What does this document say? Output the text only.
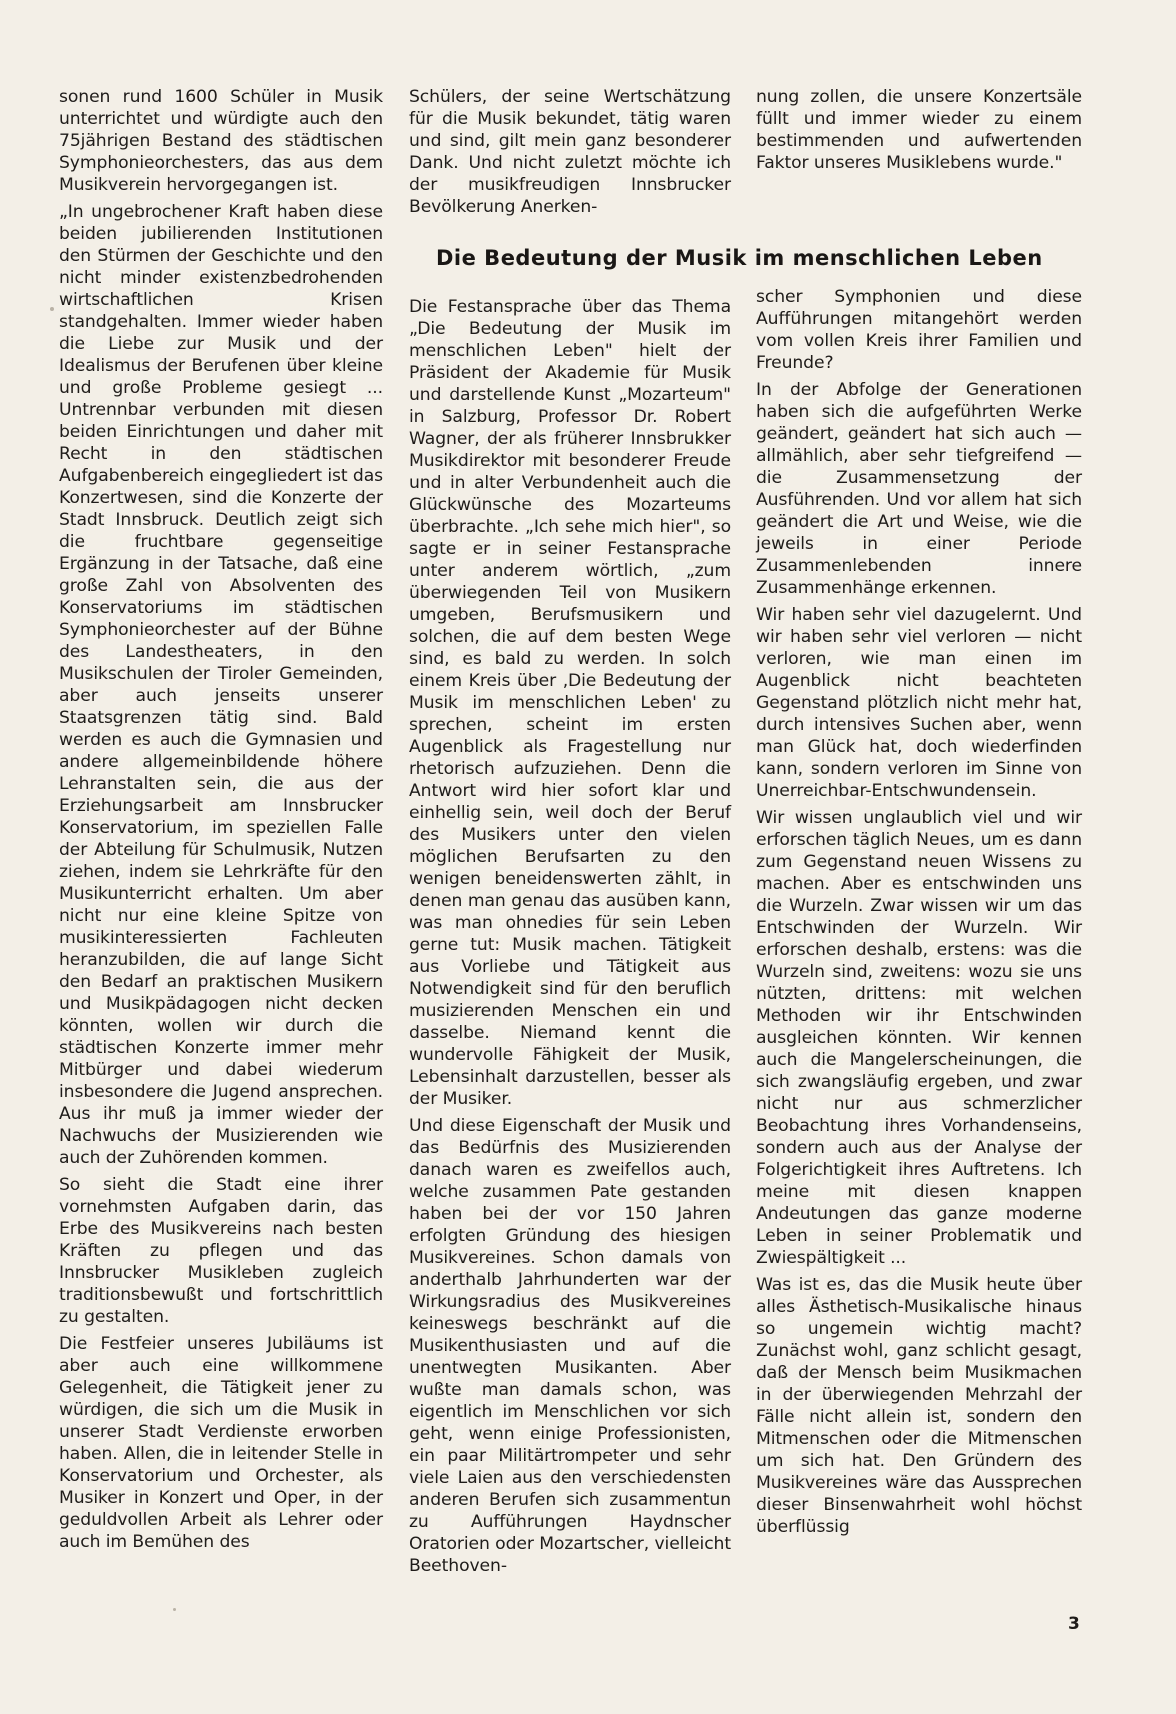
sonen rund 1600 Schüler in Musik unterrichtet und würdigte auch den 75jährigen Bestand des städtischen Symphonieorchesters, das aus dem Musikverein hervorgegangen ist.

„In ungebrochener Kraft haben diese beiden jubilierenden Institutionen den Stürmen der Geschichte und den nicht minder existenzbedrohenden wirtschaftlichen Krisen standgehalten. Immer wieder haben die Liebe zur Musik und der Idealismus der Berufenen über kleine und große Probleme gesiegt ... Untrennbar verbunden mit diesen beiden Einrichtungen und daher mit Recht in den städtischen Aufgabenbereich eingegliedert ist das Konzertwesen, sind die Konzerte der Stadt Innsbruck. Deutlich zeigt sich die fruchtbare gegenseitige Ergänzung in der Tatsache, daß eine große Zahl von Absolventen des Konservatoriums im städtischen Symphonieorchester auf der Bühne des Landestheaters, in den Musikschulen der Tiroler Gemeinden, aber auch jenseits unserer Staatsgrenzen tätig sind. Bald werden es auch die Gymnasien und andere allgemeinbildende höhere Lehranstalten sein, die aus der Erziehungsarbeit am Innsbrucker Konservatorium, im speziellen Falle der Abteilung für Schulmusik, Nutzen ziehen, indem sie Lehrkräfte für den Musikunterricht erhalten. Um aber nicht nur eine kleine Spitze von musikinteressierten Fachleuten heranzubilden, die auf lange Sicht den Bedarf an praktischen Musikern und Musikpädagogen nicht decken könnten, wollen wir durch die städtischen Konzerte immer mehr Mitbürger und dabei wiederum insbesondere die Jugend ansprechen. Aus ihr muß ja immer wieder der Nachwuchs der Musizierenden wie auch der Zuhörenden kommen.

So sieht die Stadt eine ihrer vornehmsten Aufgaben darin, das Erbe des Musikvereins nach besten Kräften zu pflegen und das Innsbrucker Musikleben zugleich traditionsbewußt und fortschrittlich zu gestalten.

Die Festfeier unseres Jubiläums ist aber auch eine willkommene Gelegenheit, die Tätigkeit jener zu würdigen, die sich um die Musik in unserer Stadt Verdienste erworben haben. Allen, die in leitender Stelle in Konservatorium und Orchester, als Musiker in Konzert und Oper, in der geduldvollen Arbeit als Lehrer oder auch im Bemühen des

Schülers, der seine Wertschätzung für die Musik bekundet, tätig waren und sind, gilt mein ganz besonderer Dank. Und nicht zuletzt möchte ich der musikfreudigen Innsbrucker Bevölkerung Anerken-

nung zollen, die unsere Konzertsäle füllt und immer wieder zu einem bestimmenden und aufwertenden Faktor unseres Musiklebens wurde."

Die Bedeutung der Musik im menschlichen Leben

Die Festansprache über das Thema „Die Bedeutung der Musik im menschlichen Leben" hielt der Präsident der Akademie für Musik und darstellende Kunst „Mozarteum" in Salzburg, Professor Dr. Robert Wagner, der als früherer Innsbrukker Musikdirektor mit besonderer Freude und in alter Verbundenheit auch die Glückwünsche des Mozarteums überbrachte. „Ich sehe mich hier", so sagte er in seiner Festansprache unter anderem wörtlich, „zum überwiegenden Teil von Musikern umgeben, Berufsmusikern und solchen, die auf dem besten Wege sind, es bald zu werden. In solch einem Kreis über ‚Die Bedeutung der Musik im menschlichen Leben' zu sprechen, scheint im ersten Augenblick als Fragestellung nur rhetorisch aufzuziehen. Denn die Antwort wird hier sofort klar und einhellig sein, weil doch der Beruf des Musikers unter den vielen möglichen Berufsarten zu den wenigen beneidenswerten zählt, in denen man genau das ausüben kann, was man ohnedies für sein Leben gerne tut: Musik machen. Tätigkeit aus Vorliebe und Tätigkeit aus Notwendigkeit sind für den beruflich musizierenden Menschen ein und dasselbe. Niemand kennt die wundervolle Fähigkeit der Musik, Lebensinhalt darzustellen, besser als der Musiker.

Und diese Eigenschaft der Musik und das Bedürfnis des Musizierenden danach waren es zweifellos auch, welche zusammen Pate gestanden haben bei der vor 150 Jahren erfolgten Gründung des hiesigen Musikvereines. Schon damals von anderthalb Jahrhunderten war der Wirkungsradius des Musikvereines keineswegs beschränkt auf die Musikenthusiasten und auf die unentwegten Musikanten. Aber wußte man damals schon, was eigentlich im Menschlichen vor sich geht, wenn einige Professionisten, ein paar Militärtrompeter und sehr viele Laien aus den verschiedensten anderen Berufen sich zusammentun zu Aufführungen Haydnscher Oratorien oder Mozartscher, vielleicht Beethoven-

scher Symphonien und diese Aufführungen mitangehört werden vom vollen Kreis ihrer Familien und Freunde?

In der Abfolge der Generationen haben sich die aufgeführten Werke geändert, geändert hat sich auch — allmählich, aber sehr tiefgreifend — die Zusammensetzung der Ausführenden. Und vor allem hat sich geändert die Art und Weise, wie die jeweils in einer Periode Zusammenlebenden innere Zusammenhänge erkennen.

Wir haben sehr viel dazugelernt. Und wir haben sehr viel verloren — nicht verloren, wie man einen im Augenblick nicht beachteten Gegenstand plötzlich nicht mehr hat, durch intensives Suchen aber, wenn man Glück hat, doch wiederfinden kann, sondern verloren im Sinne von Unerreichbar-Entschwundensein.

Wir wissen unglaublich viel und wir erforschen täglich Neues, um es dann zum Gegenstand neuen Wissens zu machen. Aber es entschwinden uns die Wurzeln. Zwar wissen wir um das Entschwinden der Wurzeln. Wir erforschen deshalb, erstens: was die Wurzeln sind, zweitens: wozu sie uns nützten, drittens: mit welchen Methoden wir ihr Entschwinden ausgleichen könnten. Wir kennen auch die Mangelerscheinungen, die sich zwangsläufig ergeben, und zwar nicht nur aus schmerzlicher Beobachtung ihres Vorhandenseins, sondern auch aus der Analyse der Folgerichtigkeit ihres Auftretens. Ich meine mit diesen knappen Andeutungen das ganze moderne Leben in seiner Problematik und Zwiespältigkeit ...

Was ist es, das die Musik heute über alles Ästhetisch-Musikalische hinaus so ungemein wichtig macht? Zunächst wohl, ganz schlicht gesagt, daß der Mensch beim Musikmachen in der überwiegenden Mehrzahl der Fälle nicht allein ist, sondern den Mitmenschen oder die Mitmenschen um sich hat. Den Gründern des Musikvereines wäre das Aussprechen dieser Binsenwahrheit wohl höchst überflüssig

3
